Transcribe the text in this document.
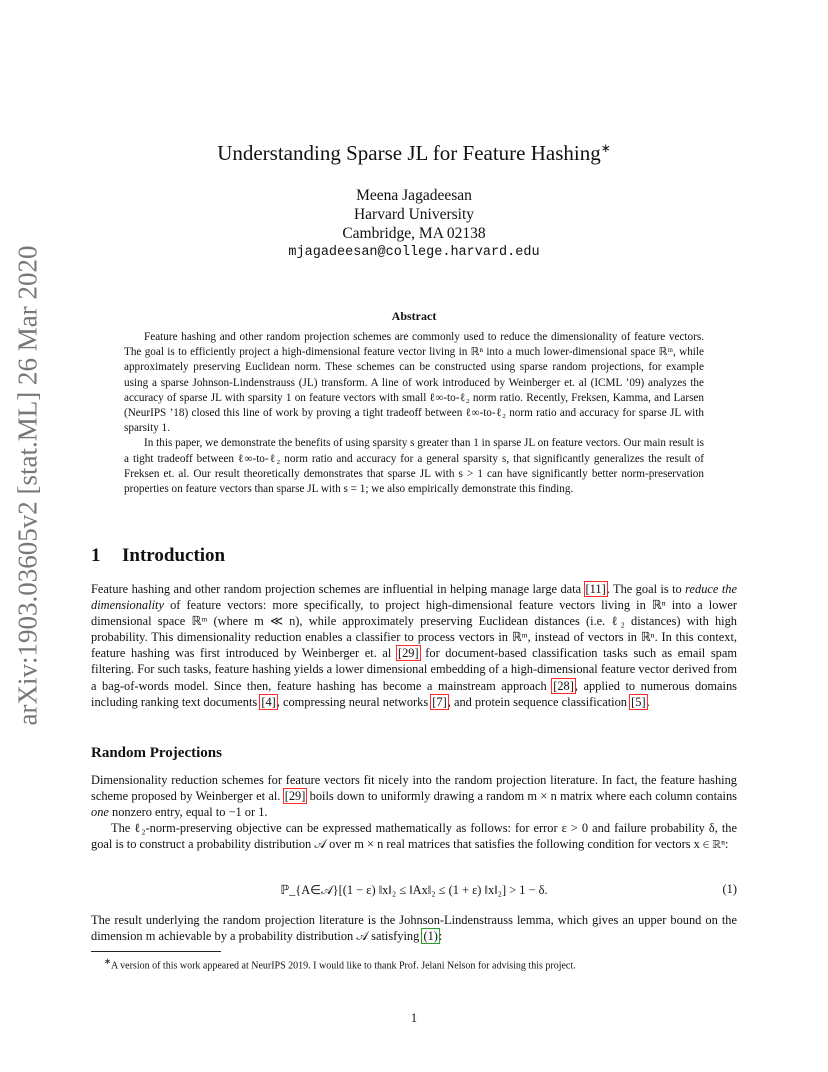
arXiv:1903.03605v2 [stat.ML] 26 Mar 2020
Understanding Sparse JL for Feature Hashing∗
Meena Jagadeesan
Harvard University
Cambridge, MA 02138
mjagadeesan@college.harvard.edu
Abstract

Feature hashing and other random projection schemes are commonly used to reduce the dimensionality of feature vectors. The goal is to efficiently project a high-dimensional feature vector living in ℝⁿ into a much lower-dimensional space ℝᵐ, while approximately preserving Euclidean norm. These schemes can be constructed using sparse random projections, for example using a sparse Johnson-Lindenstrauss (JL) transform. A line of work introduced by Weinberger et. al (ICML ’09) analyzes the accuracy of sparse JL with sparsity 1 on feature vectors with small ℓ∞-to-ℓ₂ norm ratio. Recently, Freksen, Kamma, and Larsen (NeurIPS ’18) closed this line of work by proving a tight tradeoff between ℓ∞-to-ℓ₂ norm ratio and accuracy for sparse JL with sparsity 1.

In this paper, we demonstrate the benefits of using sparsity s greater than 1 in sparse JL on feature vectors. Our main result is a tight tradeoff between ℓ∞-to-ℓ₂ norm ratio and accuracy for a general sparsity s, that significantly generalizes the result of Freksen et. al. Our result theoretically demonstrates that sparse JL with s > 1 can have significantly better norm-preservation properties on feature vectors than sparse JL with s = 1; we also empirically demonstrate this finding.

1 Introduction

Feature hashing and other random projection schemes are influential in helping manage large data [11]. The goal is to reduce the dimensionality of feature vectors: more specifically, to project high-dimensional feature vectors living in ℝⁿ into a lower dimensional space ℝᵐ (where m ≪ n), while approximately preserving Euclidean distances (i.e. ℓ₂ distances) with high probability. This dimensionality reduction enables a classifier to process vectors in ℝᵐ, instead of vectors in ℝⁿ. In this context, feature hashing was first introduced by Weinberger et. al [29] for document-based classification tasks such as email spam filtering. For such tasks, feature hashing yields a lower dimensional embedding of a high-dimensional feature vector derived from a bag-of-words model. Since then, feature hashing has become a mainstream approach [28], applied to numerous domains including ranking text documents [4], compressing neural networks [7], and protein sequence classification [5].

Random Projections

Dimensionality reduction schemes for feature vectors fit nicely into the random projection literature. In fact, the feature hashing scheme proposed by Weinberger et al. [29] boils down to uniformly drawing a random m × n matrix where each column contains one nonzero entry, equal to −1 or 1.

The ℓ₂-norm-preserving objective can be expressed mathematically as follows: for error ε > 0 and failure probability δ, the goal is to construct a probability distribution 𝒜 over m × n real matrices that satisfies the following condition for vectors x ∈ ℝⁿ:

ℙ_{A∈𝒜}[(1 − ε) ‖x‖₂ ≤ ‖Ax‖₂ ≤ (1 + ε) ‖x‖₂] > 1 − δ.	(1)

The result underlying the random projection literature is the Johnson-Lindenstrauss lemma, which gives an upper bound on the dimension m achievable by a probability distribution 𝒜 satisfying (1):

∗A version of this work appeared at NeurIPS 2019. I would like to thank Prof. Jelani Nelson for advising this project.
1
